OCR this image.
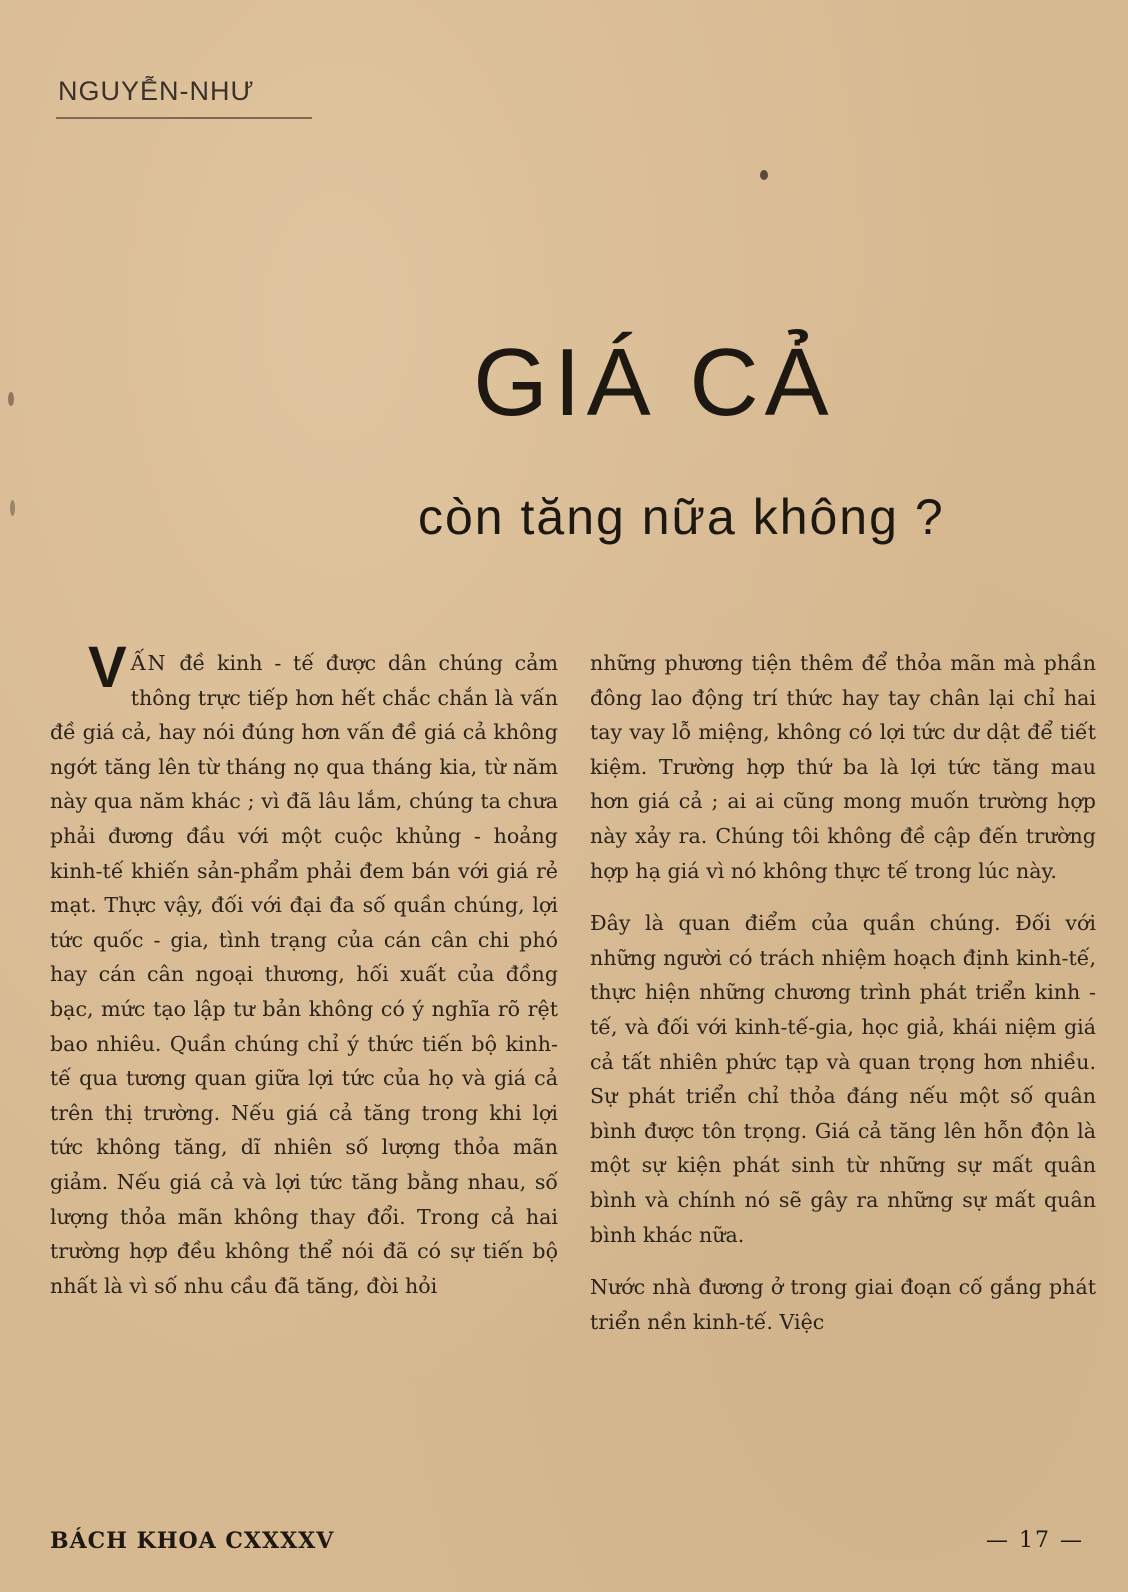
NGUYỄN-NHƯ

GIÁ CẢ
còn tăng nữa không ?

VẤN đề kinh - tế được dân chúng cảm thông trực tiếp hơn hết chắc chắn là vấn đề giá cả, hay nói đúng hơn vấn đề giá cả không ngớt tăng lên từ tháng nọ qua tháng kia, từ năm này qua năm khác ; vì đã lâu lắm, chúng ta chưa phải đương đầu với một cuộc khủng - hoảng kinh-tế khiến sản-phẩm phải đem bán với giá rẻ mạt. Thực vậy, đối với đại đa số quần chúng, lợi tức quốc - gia, tình trạng của cán cân chi phó hay cán cân ngoại thương, hối xuất của đồng bạc, mức tạo lập tư bản không có ý nghĩa rõ rệt bao nhiêu. Quần chúng chỉ ý thức tiến bộ kinh-tế qua tương quan giữa lợi tức của họ và giá cả trên thị trường. Nếu giá cả tăng trong khi lợi tức không tăng, dĩ nhiên số lượng thỏa mãn giảm. Nếu giá cả và lợi tức tăng bằng nhau, số lượng thỏa mãn không thay đổi. Trong cả hai trường hợp đều không thể nói đã có sự tiến bộ nhất là vì số nhu cầu đã tăng, đòi hỏi

những phương tiện thêm để thỏa mãn mà phần đông lao động trí thức hay tay chân lại chỉ hai tay vay lỗ miệng, không có lợi tức dư dật để tiết kiệm. Trường hợp thứ ba là lợi tức tăng mau hơn giá cả ; ai ai cũng mong muốn trường hợp này xảy ra. Chúng tôi không đề cập đến trường hợp hạ giá vì nó không thực tế trong lúc này.

Đây là quan điểm của quần chúng. Đối với những người có trách nhiệm hoạch định kinh-tế, thực hiện những chương trình phát triển kinh - tế, và đối với kinh-tế-gia, học giả, khái niệm giá cả tất nhiên phức tạp và quan trọng hơn nhiều. Sự phát triển chỉ thỏa đáng nếu một số quân bình được tôn trọng. Giá cả tăng lên hỗn độn là một sự kiện phát sinh từ những sự mất quân bình và chính nó sẽ gây ra những sự mất quân bình khác nữa.

Nước nhà đương ở trong giai đoạn cố gắng phát triển nền kinh-tế. Việc

BÁCH KHOA CXXXXV	— 17 —
